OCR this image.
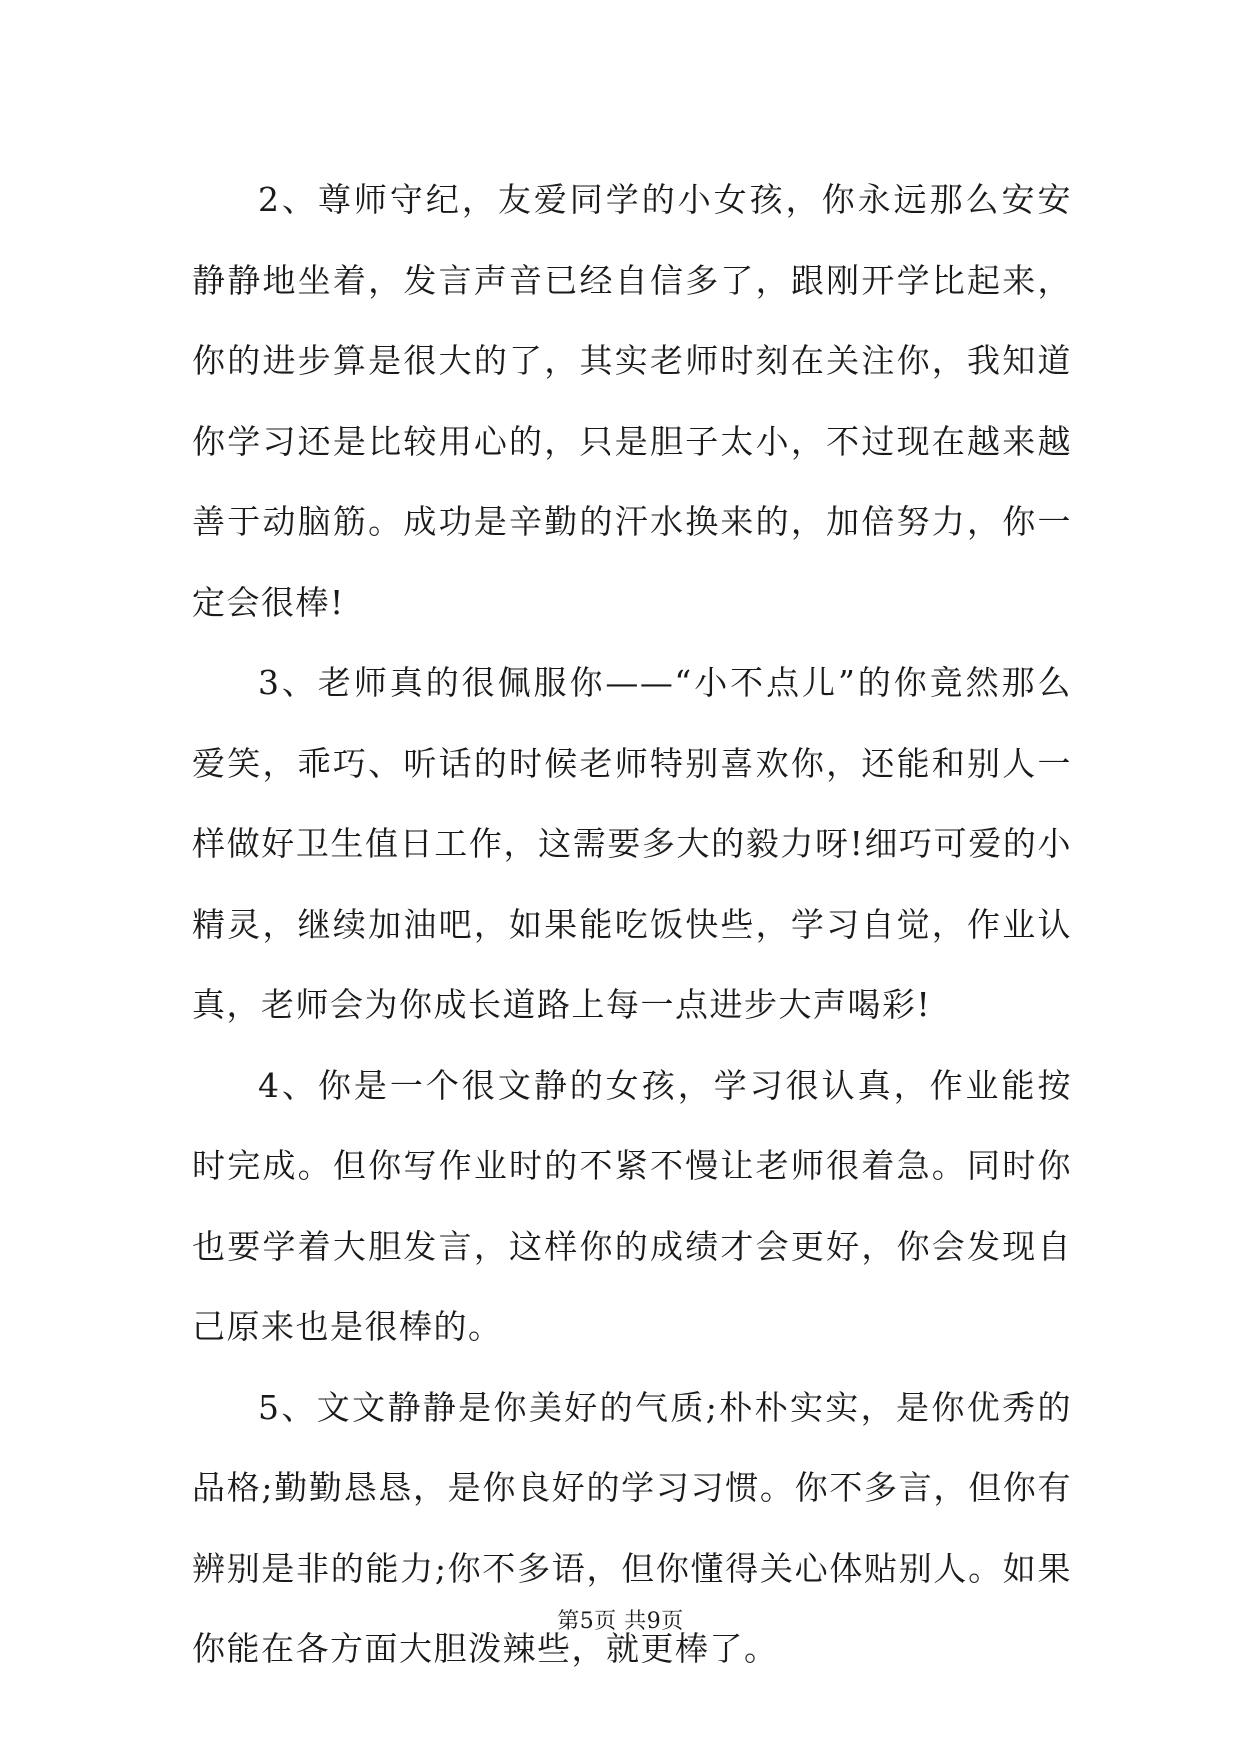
2、尊师守纪，友爱同学的小女孩，你永远那么安安静静地坐着，发言声音已经自信多了，跟刚开学比起来，你的进步算是很大的了，其实老师时刻在关注你，我知道你学习还是比较用心的，只是胆子太小，不过现在越来越善于动脑筋。成功是辛勤的汗水换来的，加倍努力，你一定会很棒!

3、老师真的很佩服你——“小不点儿”的你竟然那么爱笑，乖巧、听话的时候老师特别喜欢你，还能和别人一样做好卫生值日工作，这需要多大的毅力呀!细巧可爱的小精灵，继续加油吧，如果能吃饭快些，学习自觉，作业认真，老师会为你成长道路上每一点进步大声喝彩!

4、你是一个很文静的女孩，学习很认真，作业能按时完成。但你写作业时的不紧不慢让老师很着急。同时你也要学着大胆发言，这样你的成绩才会更好，你会发现自己原来也是很棒的。

5、文文静静是你美好的气质;朴朴实实，是你优秀的品格;勤勤恳恳，是你良好的学习习惯。你不多言，但你有辨别是非的能力;你不多语，但你懂得关心体贴别人。如果你能在各方面大胆泼辣些，就更棒了。

第5页 共9页
